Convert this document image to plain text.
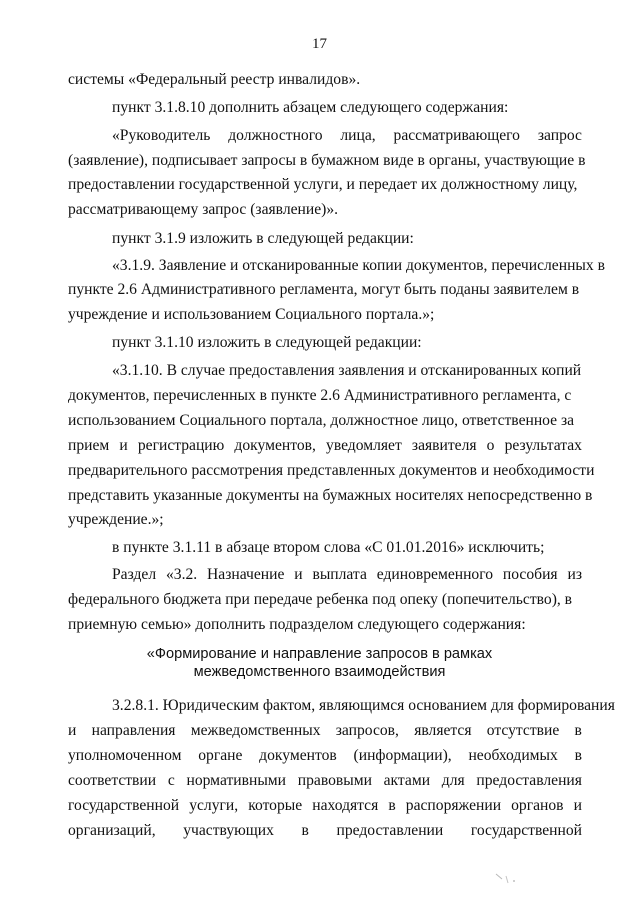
17
системы «Федеральный реестр инвалидов».
пункт 3.1.8.10 дополнить абзацем следующего содержания:
«Руководитель должностного лица, рассматривающего запрос
(заявление), подписывает запросы в бумажном виде в органы, участвующие в
предоставлении государственной услуги, и передает их должностному лицу,
рассматривающему запрос (заявление)».
пункт 3.1.9 изложить в следующей редакции:
«3.1.9. Заявление и отсканированные копии документов, перечисленных в
пункте 2.6 Административного регламента, могут быть поданы заявителем в
учреждение и использованием Социального портала.»;
пункт 3.1.10 изложить в следующей редакции:
«3.1.10. В случае предоставления заявления и отсканированных копий
документов, перечисленных в пункте 2.6 Административного регламента, с
использованием Социального портала, должностное лицо, ответственное за
прием и регистрацию документов, уведомляет заявителя о результатах
предварительного рассмотрения представленных документов и необходимости
представить указанные документы на бумажных носителях непосредственно в
учреждение.»;
в пункте 3.1.11 в абзаце втором слова «С 01.01.2016» исключить;
Раздел «3.2. Назначение и выплата единовременного пособия из
федерального бюджета при передаче ребенка под опеку (попечительство), в
приемную семью» дополнить подразделом следующего содержания:
«Формирование и направление запросов в рамках
межведомственного взаимодействия
3.2.8.1. Юридическим фактом, являющимся основанием для формирования
и направления межведомственных запросов, является отсутствие в
уполномоченном органе документов (информации), необходимых в
соответствии с нормативными правовыми актами для предоставления
государственной услуги, которые находятся в распоряжении органов и
организаций, участвующих в предоставлении государственной
